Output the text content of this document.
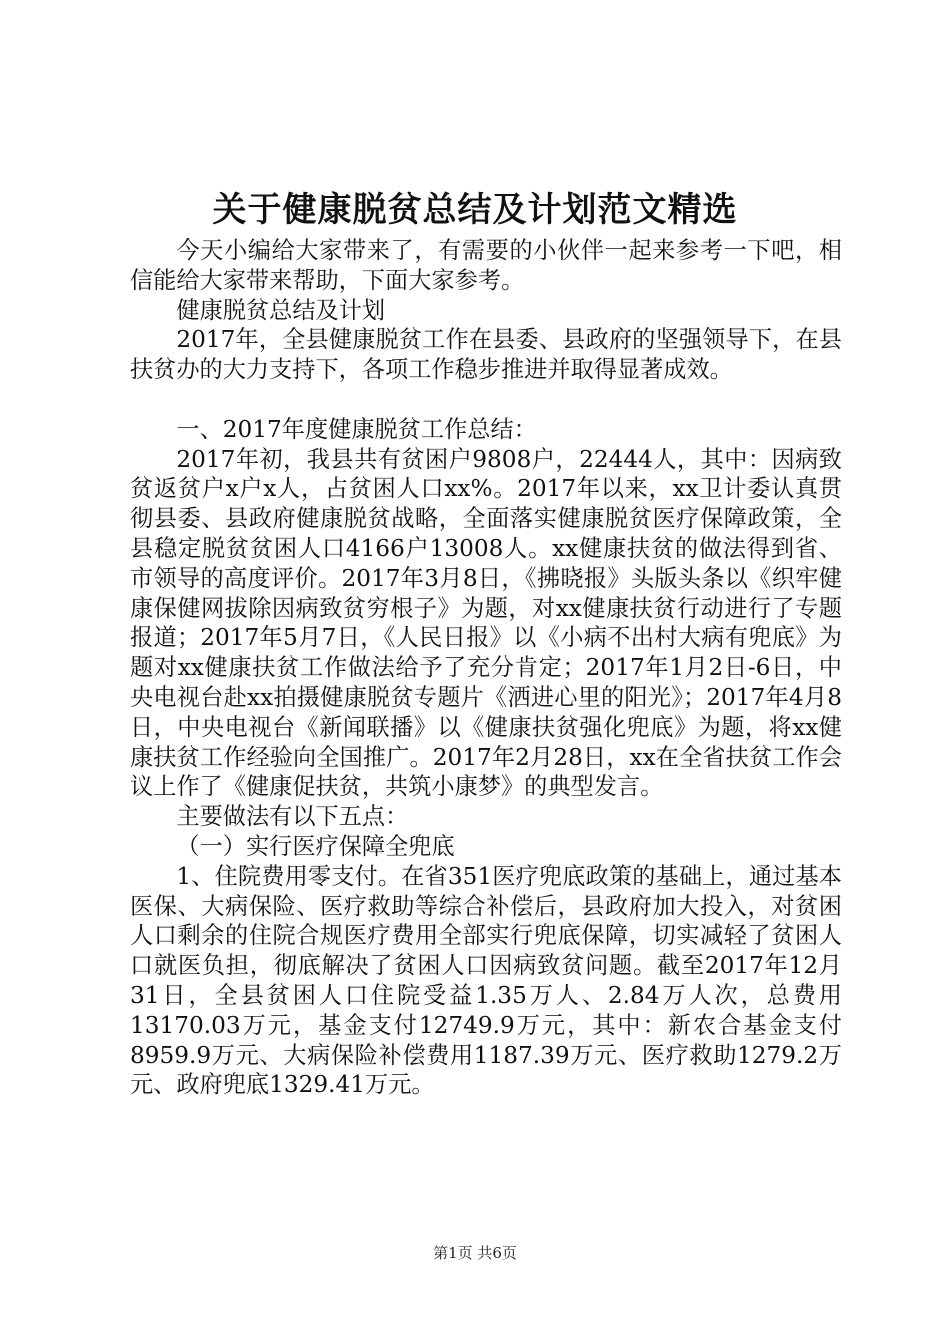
关于健康脱贫总结及计划范文精选

今天小编给大家带来了，有需要的小伙伴一起来参考一下吧，相信能给大家带来帮助，下面大家参考。

健康脱贫总结及计划

2017年，全县健康脱贫工作在县委、县政府的坚强领导下，在县扶贫办的大力支持下，各项工作稳步推进并取得显著成效。

一、2017年度健康脱贫工作总结：

2017年初，我县共有贫困户9808户，22444人，其中：因病致贫返贫户x户x人，占贫困人口xx%。2017年以来，xx卫计委认真贯彻县委、县政府健康脱贫战略，全面落实健康脱贫医疗保障政策，全县稳定脱贫贫困人口4166户13008人。xx健康扶贫的做法得到省、市领导的高度评价。2017年3月8日，《拂晓报》头版头条以《织牢健康保健网拔除因病致贫穷根子》为题，对xx健康扶贫行动进行了专题报道；2017年5月7日，《人民日报》以《小病不出村大病有兜底》为题对xx健康扶贫工作做法给予了充分肯定；2017年1月2日-6日，中央电视台赴xx拍摄健康脱贫专题片《洒进心里的阳光》；2017年4月8日，中央电视台《新闻联播》以《健康扶贫强化兜底》为题，将xx健康扶贫工作经验向全国推广。2017年2月28日，xx在全省扶贫工作会议上作了《健康促扶贫，共筑小康梦》的典型发言。

主要做法有以下五点：

（一）实行医疗保障全兜底

1、住院费用零支付。在省351医疗兜底政策的基础上，通过基本医保、大病保险、医疗救助等综合补偿后，县政府加大投入，对贫困人口剩余的住院合规医疗费用全部实行兜底保障，切实减轻了贫困人口就医负担，彻底解决了贫困人口因病致贫问题。截至2017年12月31日，全县贫困人口住院受益1.35万人、2.84万人次，总费用13170.03万元，基金支付12749.9万元，其中：新农合基金支付8959.9万元、大病保险补偿费用1187.39万元、医疗救助1279.2万元、政府兜底1329.41万元。

第1页 共6页
